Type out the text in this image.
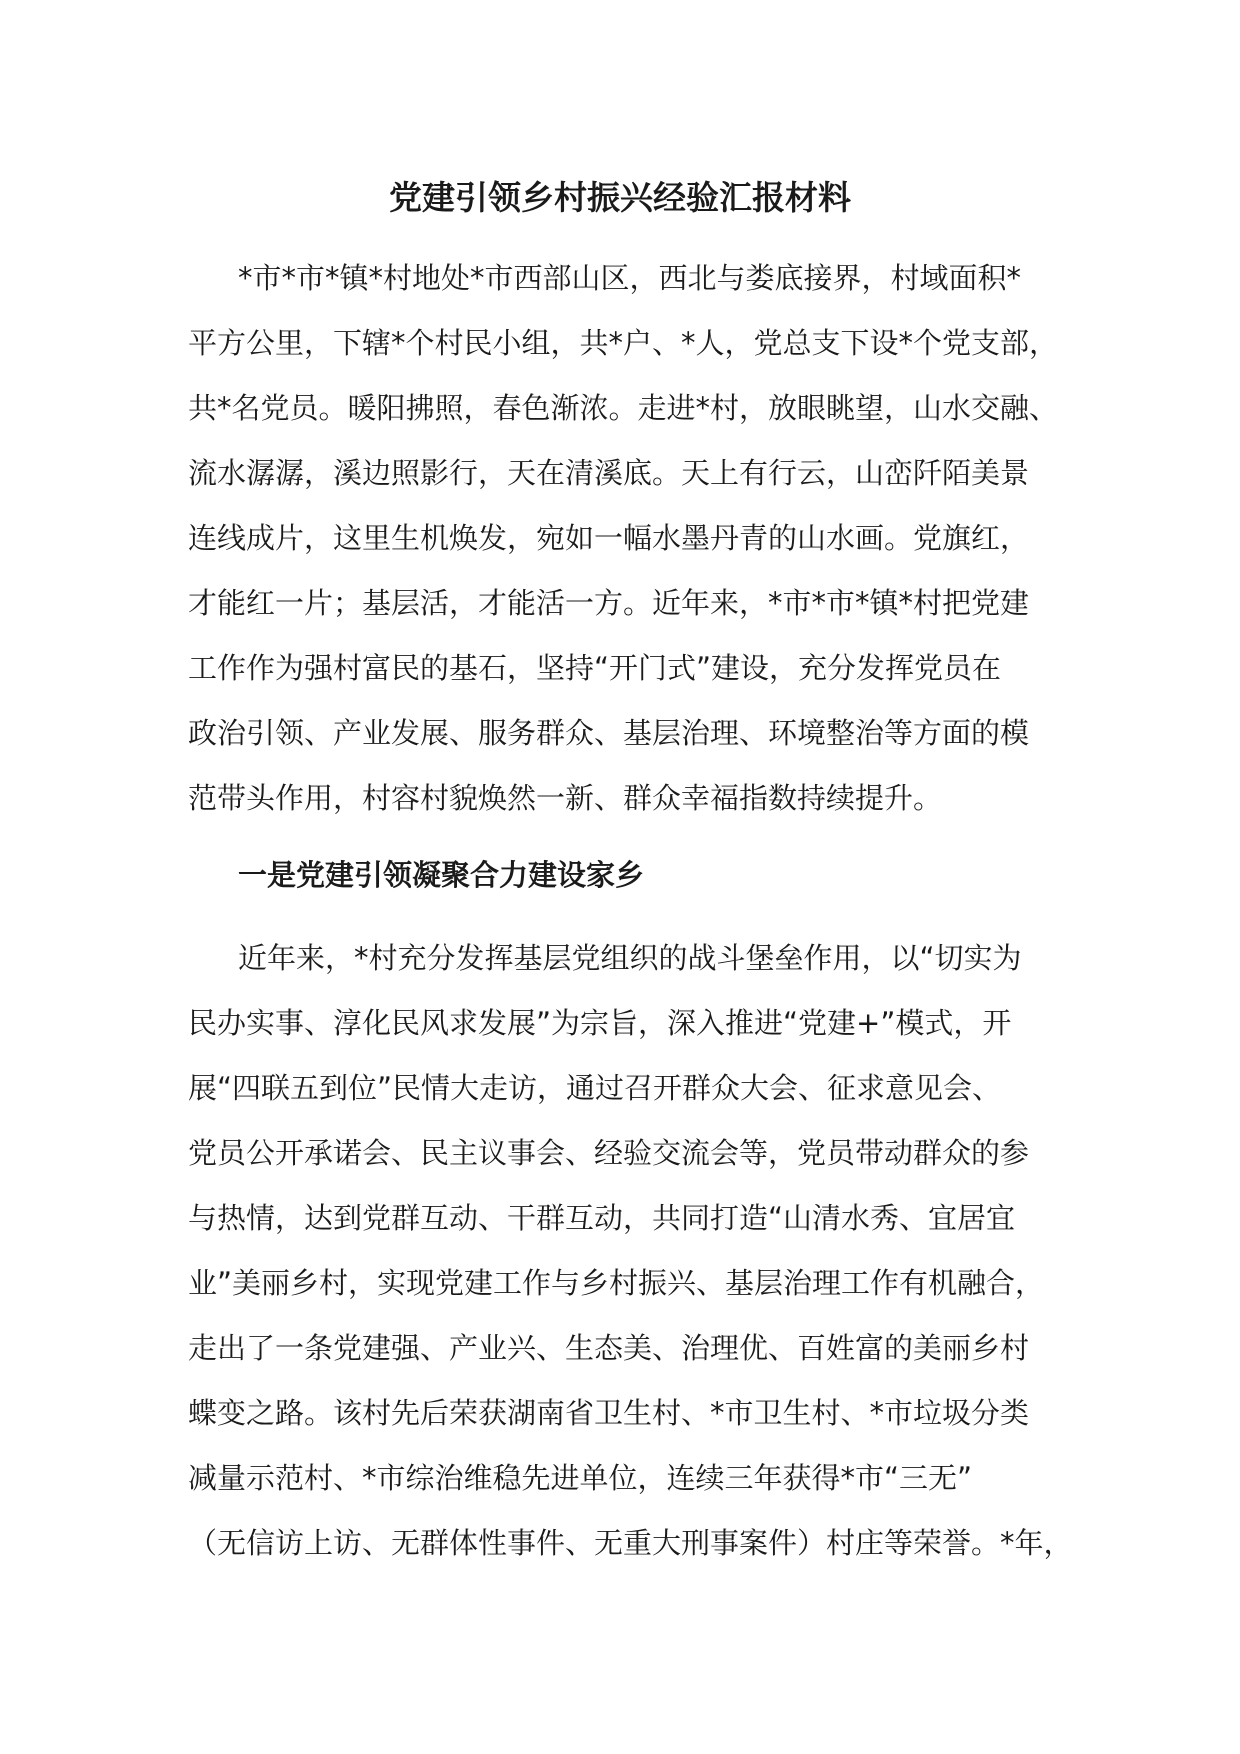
党建引领乡村振兴经验汇报材料
*市*市*镇*村地处*市西部山区，西北与娄底接界，村域面积*
平方公里，下辖*个村民小组，共*户、*人，党总支下设*个党支部，
共*名党员。暖阳拂照，春色渐浓。走进*村，放眼眺望，山水交融、
流水潺潺，溪边照影行，天在清溪底。天上有行云，山峦阡陌美景
连线成片，这里生机焕发，宛如一幅水墨丹青的山水画。党旗红，
才能红一片；基层活，才能活一方。近年来，*市*市*镇*村把党建
工作作为强村富民的基石，坚持“开门式”建设，充分发挥党员在
政治引领、产业发展、服务群众、基层治理、环境整治等方面的模
范带头作用，村容村貌焕然一新、群众幸福指数持续提升。
一是党建引领凝聚合力建设家乡
近年来，*村充分发挥基层党组织的战斗堡垒作用，以“切实为
民办实事、淳化民风求发展”为宗旨，深入推进“党建+”模式，开
展“四联五到位”民情大走访，通过召开群众大会、征求意见会、
党员公开承诺会、民主议事会、经验交流会等，党员带动群众的参
与热情，达到党群互动、干群互动，共同打造“山清水秀、宜居宜
业”美丽乡村，实现党建工作与乡村振兴、基层治理工作有机融合，
走出了一条党建强、产业兴、生态美、治理优、百姓富的美丽乡村
蝶变之路。该村先后荣获湖南省卫生村、*市卫生村、*市垃圾分类
减量示范村、*市综治维稳先进单位，连续三年获得*市“三无”
（无信访上访、无群体性事件、无重大刑事案件）村庄等荣誉。*年，
